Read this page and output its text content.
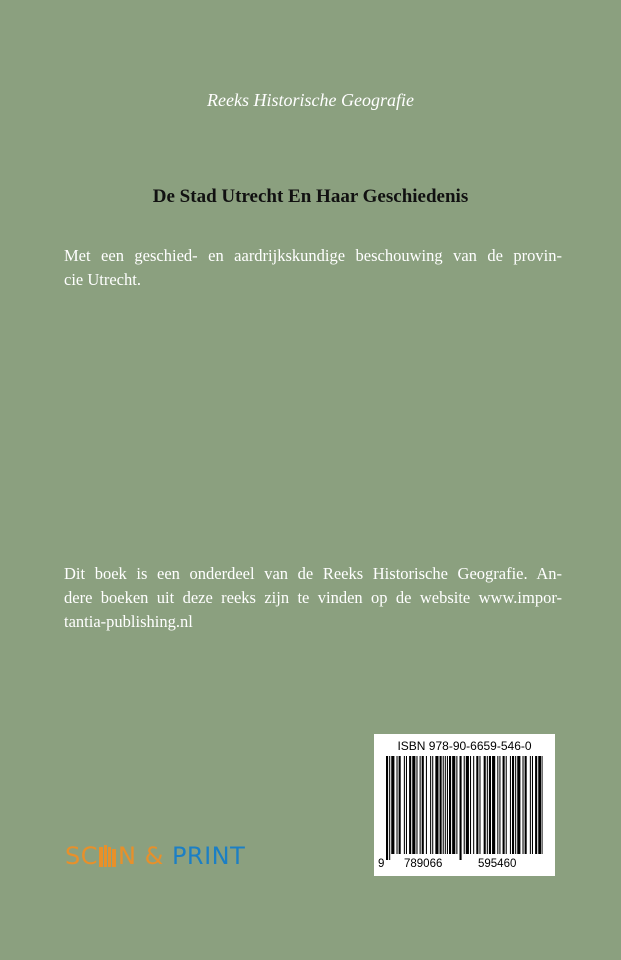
Reeks Historische Geografie
De Stad Utrecht En Haar Geschiedenis
Met een geschied- en aardrijkskundige beschouwing van de provin-
cie Utrecht.
Dit boek is een onderdeel van de Reeks Historische Geografie. An-
dere boeken uit deze reeks zijn te vinden op de website www.impor-
tantia-publishing.nl
ISBN 978-90-6659-546-0
9 789066	595460
SC N & PRINT
